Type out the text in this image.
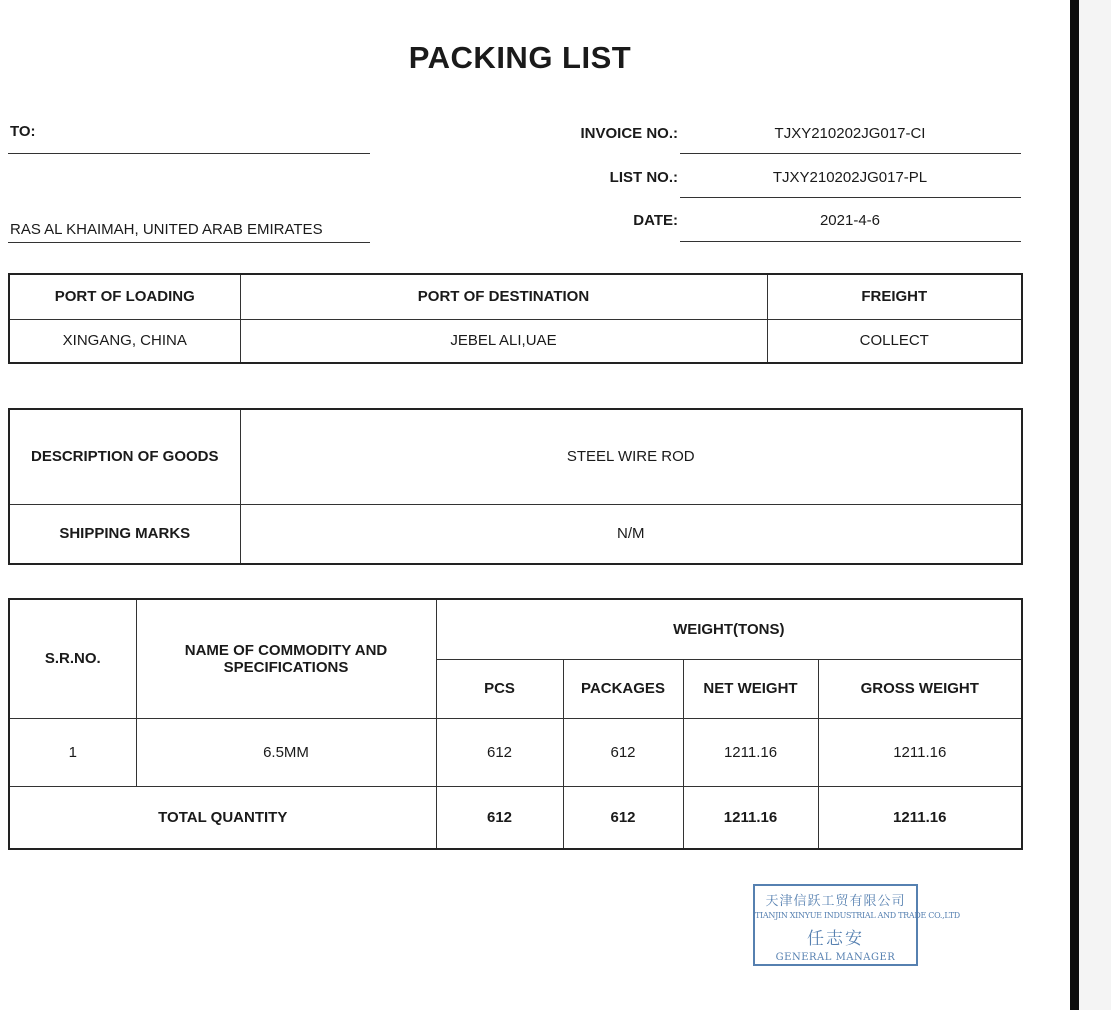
PACKING LIST
TO:
RAS AL KHAIMAH, UNITED ARAB EMIRATES
INVOICE NO.:	TJXY210202JG017-CI
LIST NO.:	TJXY210202JG017-PL
DATE:	2021-4-6
PORT OF LOADING	PORT OF DESTINATION	FREIGHT
XINGANG, CHINA	JEBEL ALI,UAE	COLLECT
DESCRIPTION OF GOODS	STEEL WIRE ROD
SHIPPING MARKS	N/M
S.R.NO.	NAME OF COMMODITY AND SPECIFICATIONS	WEIGHT(TONS)			
		PCS	PACKAGES	NET WEIGHT	GROSS WEIGHT
1	6.5MM	612	612	1211.16	1211.16
TOTAL QUANTITY		612	612	1211.16	1211.16
天津信跃工贸有限公司
TIANJIN XINYUE INDUSTRIAL AND TRADE CO.,LTD
任志安
GENERAL MANAGER
